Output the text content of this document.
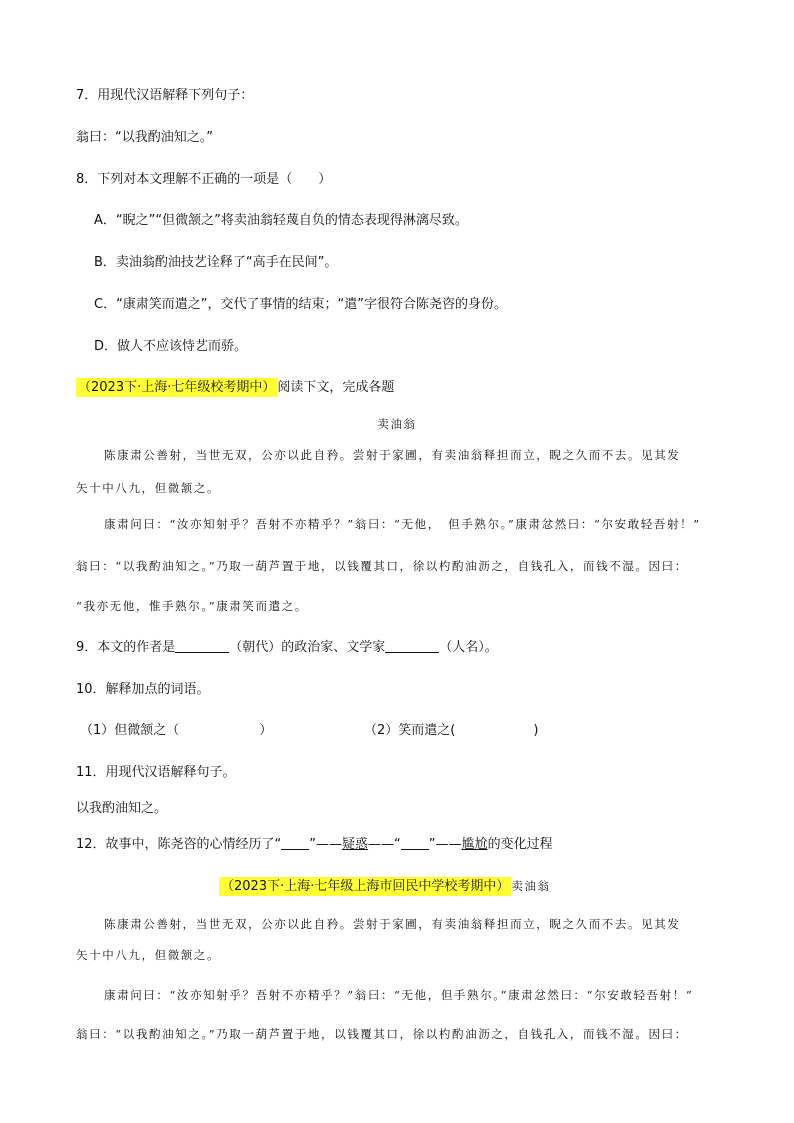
7．用现代汉语解释下列句子：
翁曰：“以我酌油知之。”
8．下列对本文理解不正确的一项是（　　）
A．“睨之”“但微颔之”将卖油翁轻蔑自负的情态表现得淋漓尽致。
B．卖油翁酌油技艺诠释了“高手在民间”。
C．“康肃笑而遣之”，交代了事情的结束；“遣”字很符合陈尧咨的身份。
D．做人不应该恃艺而骄。
（2023下·上海·七年级校考期中） 阅读下文，完成各题
卖油翁
陈康肃公善射，当世无双，公亦以此自矜。尝射于家圃，有卖油翁释担而立，睨之久而不去。见其发
矢十中八九，但微颔之。
康肃问曰：“汝亦知射乎？吾射不亦精乎？”翁曰：“无他，　但手熟尔。”康肃忿然曰：“尔安敢轻吾射！”
翁曰：“以我酌油知之。”乃取一葫芦置于地，以钱覆其口，徐以杓酌油沥之，自钱孔入，而钱不湿。因曰：
“我亦无他，惟手熟尔。”康肃笑而遣之。
9．本文的作者是	（朝代）的政治家、文学家	（人名）。
10．解释加点的词语。
（1）但微颔之（	）	（2）笑而遣之(	)
11．用现代汉语解释句子。
以我酌油知之。
12．故事中，陈尧咨的心情经历了“ ”——疑惑——“ ”——尴尬的变化过程
（2023下·上海·七年级上海市回民中学校考期中） 卖油翁
陈康肃公善射，当世无双，公亦以此自矜。尝射于家圃，有卖油翁释担而立，睨之久而不去。见其发
矢十中八九，但微颔之。
康肃问曰：“汝亦知射乎？吾射不亦精乎？”翁曰：“无他，但手熟尔。”康肃忿然曰：“尔安敢轻吾射！”
翁曰：“以我酌油知之。”乃取一葫芦置于地，以钱覆其口，徐以杓酌油沥之，自钱孔入，而钱不湿。因曰：
